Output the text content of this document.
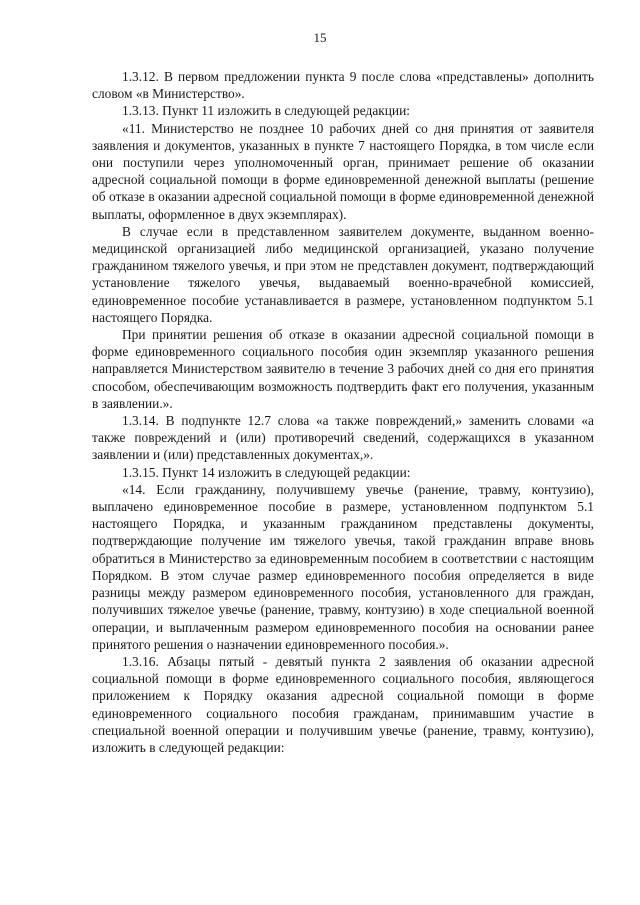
15

1.3.12. В первом предложении пункта 9 после слова «представлены» дополнить словом «в Министерство».

1.3.13. Пункт 11 изложить в следующей редакции:

«11. Министерство не позднее 10 рабочих дней со дня принятия от заявителя заявления и документов, указанных в пункте 7 настоящего Порядка, в том числе если они поступили через уполномоченный орган, принимает решение об оказании адресной социальной помощи в форме единовременной денежной выплаты (решение об отказе в оказании адресной социальной помощи в форме единовременной денежной выплаты, оформленное в двух экземплярах).

В случае если в представленном заявителем документе, выданном военно-медицинской организацией либо медицинской организацией, указано получение гражданином тяжелого увечья, и при этом не представлен документ, подтверждающий установление тяжелого увечья, выдаваемый военно-врачебной комиссией, единовременное пособие устанавливается в размере, установленном подпунктом 5.1 настоящего Порядка.

При принятии решения об отказе в оказании адресной социальной помощи в форме единовременного социального пособия один экземпляр указанного решения направляется Министерством заявителю в течение 3 рабочих дней со дня его принятия способом, обеспечивающим возможность подтвердить факт его получения, указанным в заявлении.».

1.3.14. В подпункте 12.7 слова «а также повреждений,» заменить словами «а также повреждений и (или) противоречий сведений, содержащихся в указанном заявлении и (или) представленных документах,».

1.3.15. Пункт 14 изложить в следующей редакции:

«14. Если гражданину, получившему увечье (ранение, травму, контузию), выплачено единовременное пособие в размере, установленном подпунктом 5.1 настоящего Порядка, и указанным гражданином представлены документы, подтверждающие получение им тяжелого увечья, такой гражданин вправе вновь обратиться в Министерство за единовременным пособием в соответствии с настоящим Порядком. В этом случае размер единовременного пособия определяется в виде разницы между размером единовременного пособия, установленного для граждан, получивших тяжелое увечье (ранение, травму, контузию) в ходе специальной военной операции, и выплаченным размером единовременного пособия на основании ранее принятого решения о назначении единовременного пособия.».

1.3.16. Абзацы пятый - девятый пункта 2 заявления об оказании адресной социальной помощи в форме единовременного социального пособия, являющегося приложением к Порядку оказания адресной социальной помощи в форме единовременного социального пособия гражданам, принимавшим участие в специальной военной операции и получившим увечье (ранение, травму, контузию), изложить в следующей редакции:
